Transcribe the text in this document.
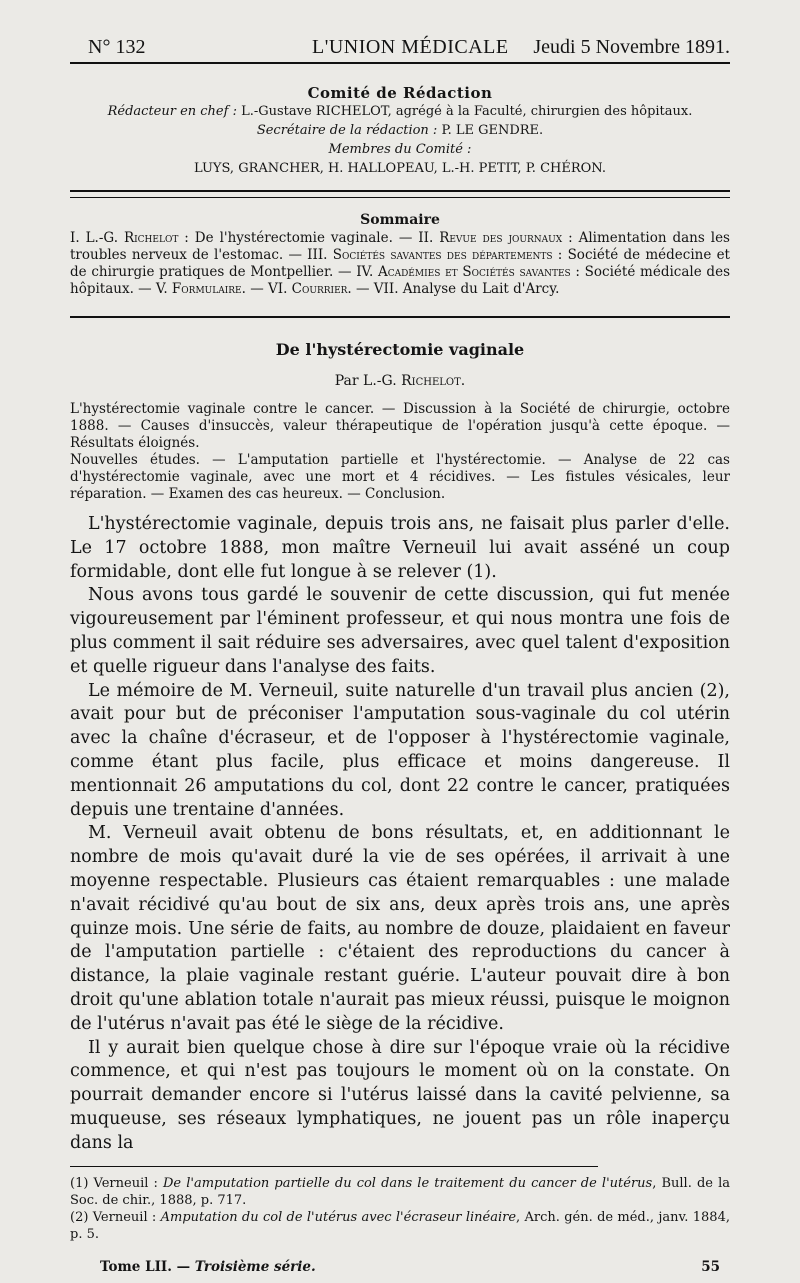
N° 132	L'UNION MÉDICALE Jeudi 5 Novembre 1891.
Comité de Rédaction
Rédacteur en chef : L.-Gustave RICHELOT, agrégé à la Faculté, chirurgien des hôpitaux.
Secrétaire de la rédaction : P. LE GENDRE.
Membres du Comité :
LUYS, GRANCHER, H. HALLOPEAU, L.-H. PETIT, P. CHÉRON.
Sommaire
I. L.-G. Richelot : De l'hystérectomie vaginale. — II. Revue des journaux : Alimentation dans les troubles nerveux de l'estomac. — III. Sociétés savantes des départements : Société de médecine et de chirurgie pratiques de Montpellier. — IV. Académies et Sociétés savantes : Société médicale des hôpitaux. — V. Formulaire. — VI. Courrier. — VII. Analyse du Lait d'Arcy.
De l'hystérectomie vaginale
Par L.-G. Richelot.

L'hystérectomie vaginale contre le cancer. — Discussion à la Société de chirurgie, octobre 1888. — Causes d'insuccès, valeur thérapeutique de l'opération jusqu'à cette époque. — Résultats éloignés.

Nouvelles études. — L'amputation partielle et l'hystérectomie. — Analyse de 22 cas d'hystérectomie vaginale, avec une mort et 4 récidives. — Les fistules vésicales, leur réparation. — Examen des cas heureux. — Conclusion.

L'hystérectomie vaginale, depuis trois ans, ne faisait plus parler d'elle. Le 17 octobre 1888, mon maître Verneuil lui avait asséné un coup formidable, dont elle fut longue à se relever (1).

Nous avons tous gardé le souvenir de cette discussion, qui fut menée vigoureusement par l'éminent professeur, et qui nous montra une fois de plus comment il sait réduire ses adversaires, avec quel talent d'exposition et quelle rigueur dans l'analyse des faits.

Le mémoire de M. Verneuil, suite naturelle d'un travail plus ancien (2), avait pour but de préconiser l'amputation sous-vaginale du col utérin avec la chaîne d'écraseur, et de l'opposer à l'hystérectomie vaginale, comme étant plus facile, plus efficace et moins dangereuse. Il mentionnait 26 amputations du col, dont 22 contre le cancer, pratiquées depuis une trentaine d'années.

M. Verneuil avait obtenu de bons résultats, et, en additionnant le nombre de mois qu'avait duré la vie de ses opérées, il arrivait à une moyenne respectable. Plusieurs cas étaient remarquables : une malade n'avait récidivé qu'au bout de six ans, deux après trois ans, une après quinze mois. Une série de faits, au nombre de douze, plaidaient en faveur de l'amputation partielle : c'étaient des reproductions du cancer à distance, la plaie vaginale restant guérie. L'auteur pouvait dire à bon droit qu'une ablation totale n'aurait pas mieux réussi, puisque le moignon de l'utérus n'avait pas été le siège de la récidive.

Il y aurait bien quelque chose à dire sur l'époque vraie où la récidive commence, et qui n'est pas toujours le moment où on la constate. On pourrait demander encore si l'utérus laissé dans la cavité pelvienne, sa muqueuse, ses réseaux lymphatiques, ne jouent pas un rôle inaperçu dans la

(1) Verneuil : De l'amputation partielle du col dans le traitement du cancer de l'utérus, Bull. de la Soc. de chir., 1888, p. 717.

(2) Verneuil : Amputation du col de l'utérus avec l'écraseur linéaire, Arch. gén. de méd., janv. 1884, p. 5.

Tome LII. — Troisième série.	55
